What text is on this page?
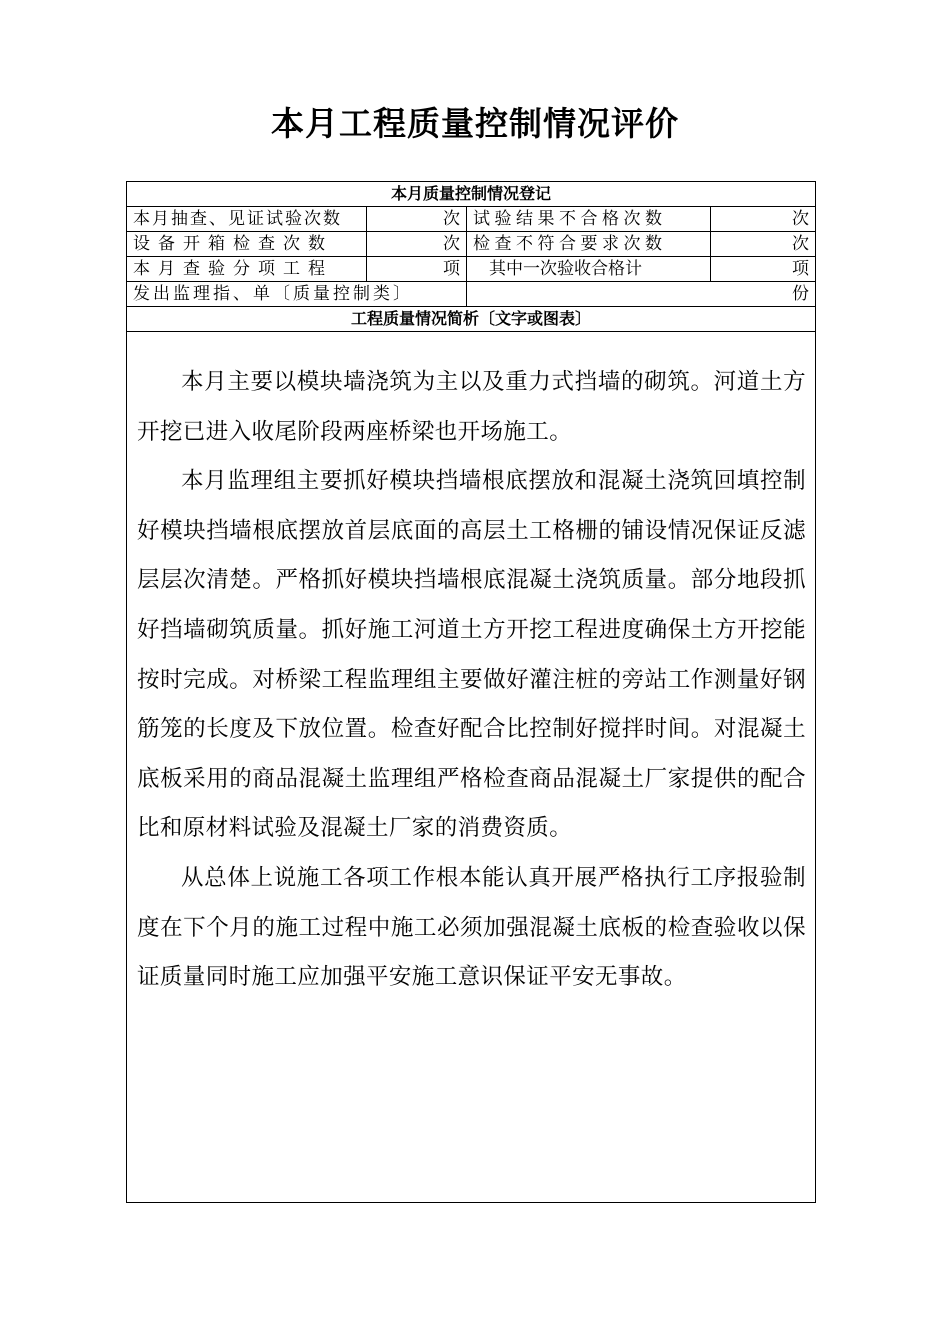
本月工程质量控制情况评价
本月质量控制情况登记			
本月抽查、见证试验次数	次	试验结果不合格次数	次
设备开箱检查次数	次	检查不符合要求次数	次
本月查验分项工程	项	其中一次验收合格计	项
发出监理指、单〔质量控制类〕		份	
工程质量情况简析〔文字或图表〕			

本月主要以模块墙浇筑为主以及重力式挡墙的砌筑。河道土方开挖已进入收尾阶段两座桥梁也开场施工。

本月监理组主要抓好模块挡墙根底摆放和混凝土浇筑回填控制好模块挡墙根底摆放首层底面的高层土工格栅的铺设情况保证反滤层层次清楚。严格抓好模块挡墙根底混凝土浇筑质量。部分地段抓好挡墙砌筑质量。抓好施工河道土方开挖工程进度确保土方开挖能按时完成。对桥梁工程监理组主要做好灌注桩的旁站工作测量好钢筋笼的长度及下放位置。检查好配合比控制好搅拌时间。对混凝土底板采用的商品混凝土监理组严格检查商品混凝土厂家提供的配合比和原材料试验及混凝土厂家的消费资质。

从总体上说施工各项工作根本能认真开展严格执行工序报验制度在下个月的施工过程中施工必须加强混凝土底板的检查验收以保证质量同时施工应加强平安施工意识保证平安无事故。			
